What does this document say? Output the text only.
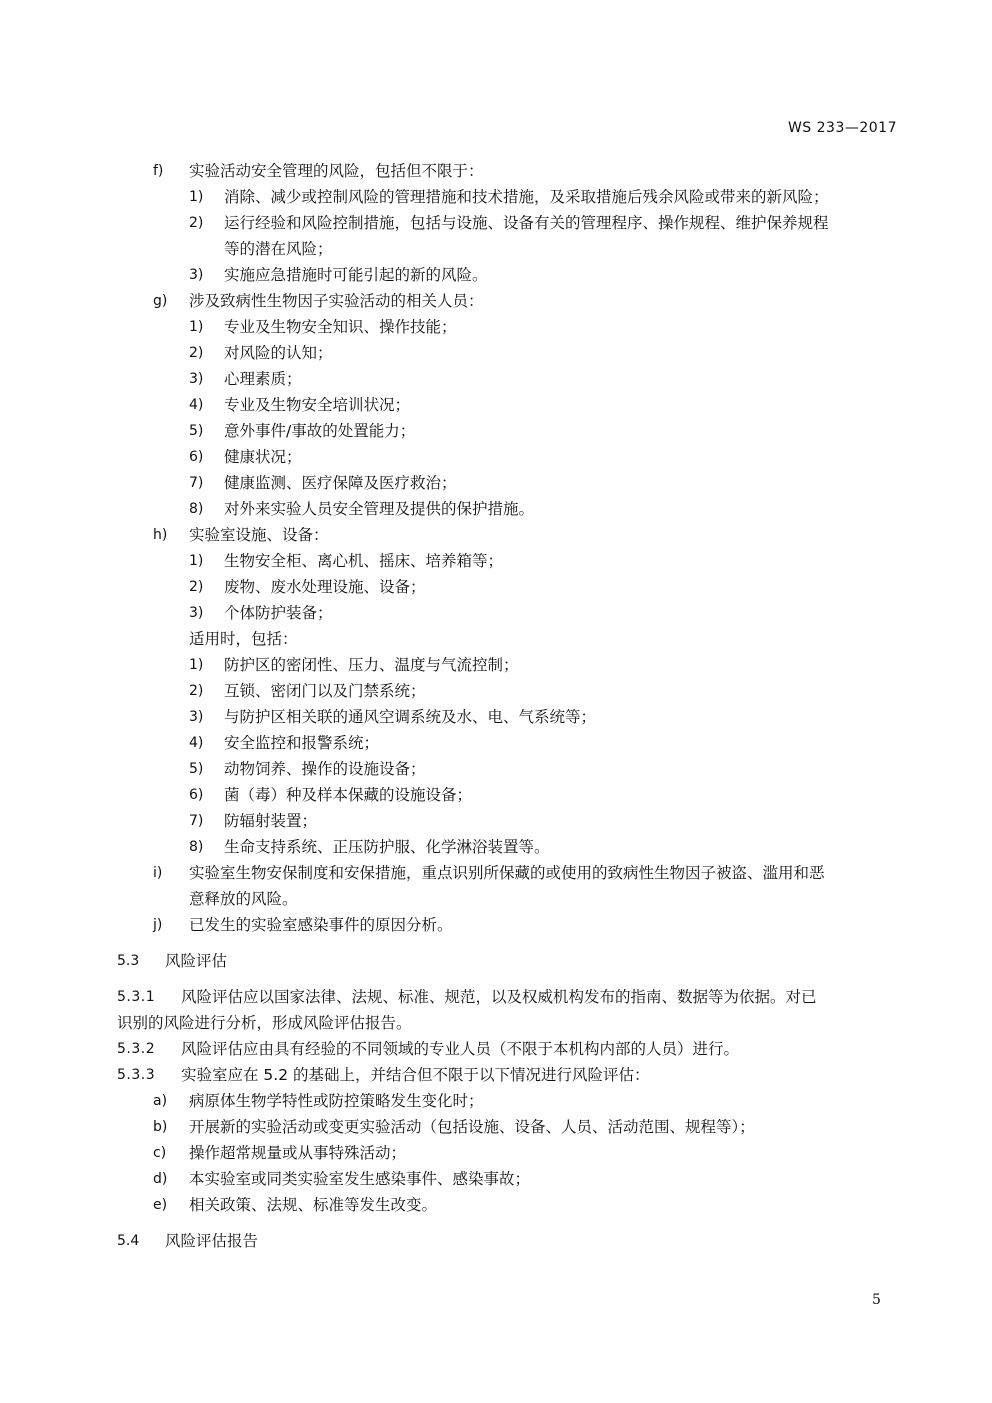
WS 233—2017
f) 实验活动安全管理的风险，包括但不限于：
1) 消除、减少或控制风险的管理措施和技术措施，及采取措施后残余风险或带来的新风险；
2) 运行经验和风险控制措施，包括与设施、设备有关的管理程序、操作规程、维护保养规程
等的潜在风险；
3) 实施应急措施时可能引起的新的风险。
g) 涉及致病性生物因子实验活动的相关人员：
1) 专业及生物安全知识、操作技能；
2) 对风险的认知；
3) 心理素质；
4) 专业及生物安全培训状况；
5) 意外事件/事故的处置能力；
6) 健康状况；
7) 健康监测、医疗保障及医疗救治；
8) 对外来实验人员安全管理及提供的保护措施。
h) 实验室设施、设备：
1) 生物安全柜、离心机、摇床、培养箱等；
2) 废物、废水处理设施、设备；
3) 个体防护装备；
适用时，包括：
1) 防护区的密闭性、压力、温度与气流控制；
2) 互锁、密闭门以及门禁系统；
3) 与防护区相关联的通风空调系统及水、电、气系统等；
4) 安全监控和报警系统；
5) 动物饲养、操作的设施设备；
6) 菌（毒）种及样本保藏的设施设备；
7) 防辐射装置；
8) 生命支持系统、正压防护服、化学淋浴装置等。
i) 实验室生物安保制度和安保措施，重点识别所保藏的或使用的致病性生物因子被盗、滥用和恶
意释放的风险。
j) 已发生的实验室感染事件的原因分析。
5.3 风险评估
5.3.1 风险评估应以国家法律、法规、标准、规范，以及权威机构发布的指南、数据等为依据。对已
识别的风险进行分析，形成风险评估报告。
5.3.2 风险评估应由具有经验的不同领域的专业人员（不限于本机构内部的人员）进行。
5.3.3 实验室应在 5.2 的基础上，并结合但不限于以下情况进行风险评估：
a) 病原体生物学特性或防控策略发生变化时；
b) 开展新的实验活动或变更实验活动（包括设施、设备、人员、活动范围、规程等）；
c) 操作超常规量或从事特殊活动；
d) 本实验室或同类实验室发生感染事件、感染事故；
e) 相关政策、法规、标准等发生改变。
5.4 风险评估报告
5
